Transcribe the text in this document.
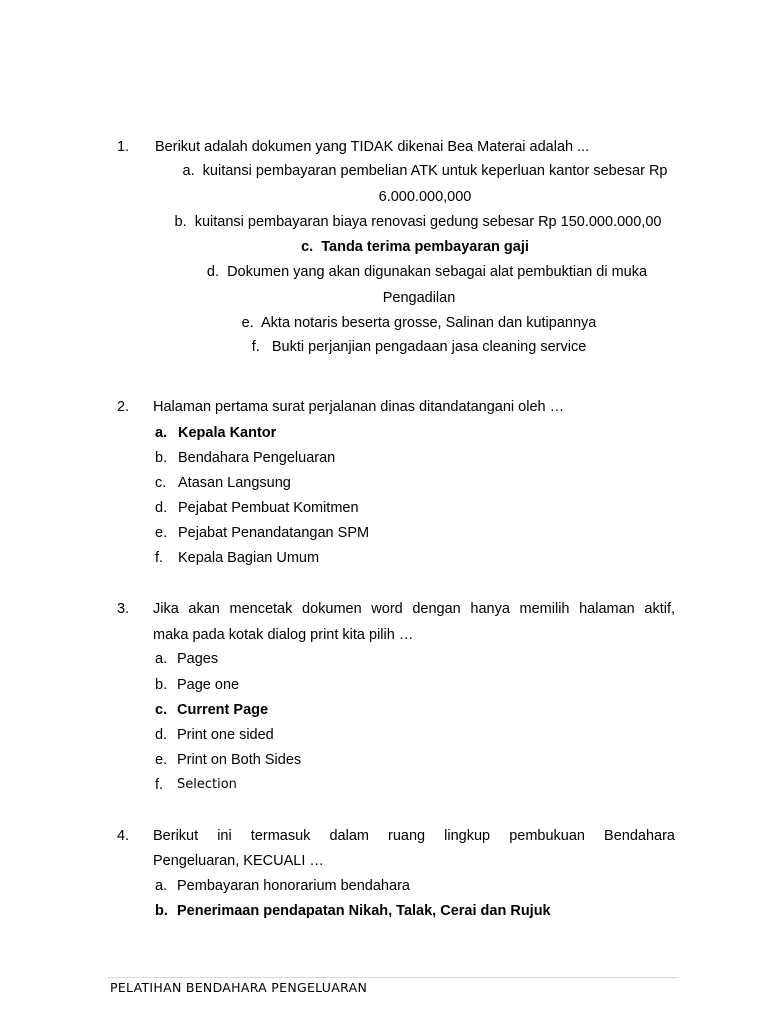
1. Berikut adalah dokumen yang TIDAK dikenai Bea Materai adalah ...
a. kuitansi pembayaran pembelian ATK untuk keperluan kantor sebesar Rp
6.000.000,000
b. kuitansi pembayaran biaya renovasi gedung sebesar Rp 150.000.000,00
c. Tanda terima pembayaran gaji
d. Dokumen yang akan digunakan sebagai alat pembuktian di muka
Pengadilan
e. Akta notaris beserta grosse, Salinan dan kutipannya
f. Bukti perjanjian pengadaan jasa cleaning service
2. Halaman pertama surat perjalanan dinas ditandatangani oleh …
a. Kepala Kantor
b. Bendahara Pengeluaran
c. Atasan Langsung
d. Pejabat Pembuat Komitmen
e. Pejabat Penandatangan SPM
f. Kepala Bagian Umum
3. Jika akan mencetak dokumen word dengan hanya memilih halaman aktif,
maka pada kotak dialog print kita pilih …
a. Pages
b. Page one
c. Current Page
d. Print one sided
e. Print on Both Sides
f. Selection
4. Berikut ini termasuk dalam ruang lingkup pembukuan Bendahara
Pengeluaran, KECUALI …
a. Pembayaran honorarium bendahara
b. Penerimaan pendapatan Nikah, Talak, Cerai dan Rujuk
PELATIHAN BENDAHARA PENGELUARAN
